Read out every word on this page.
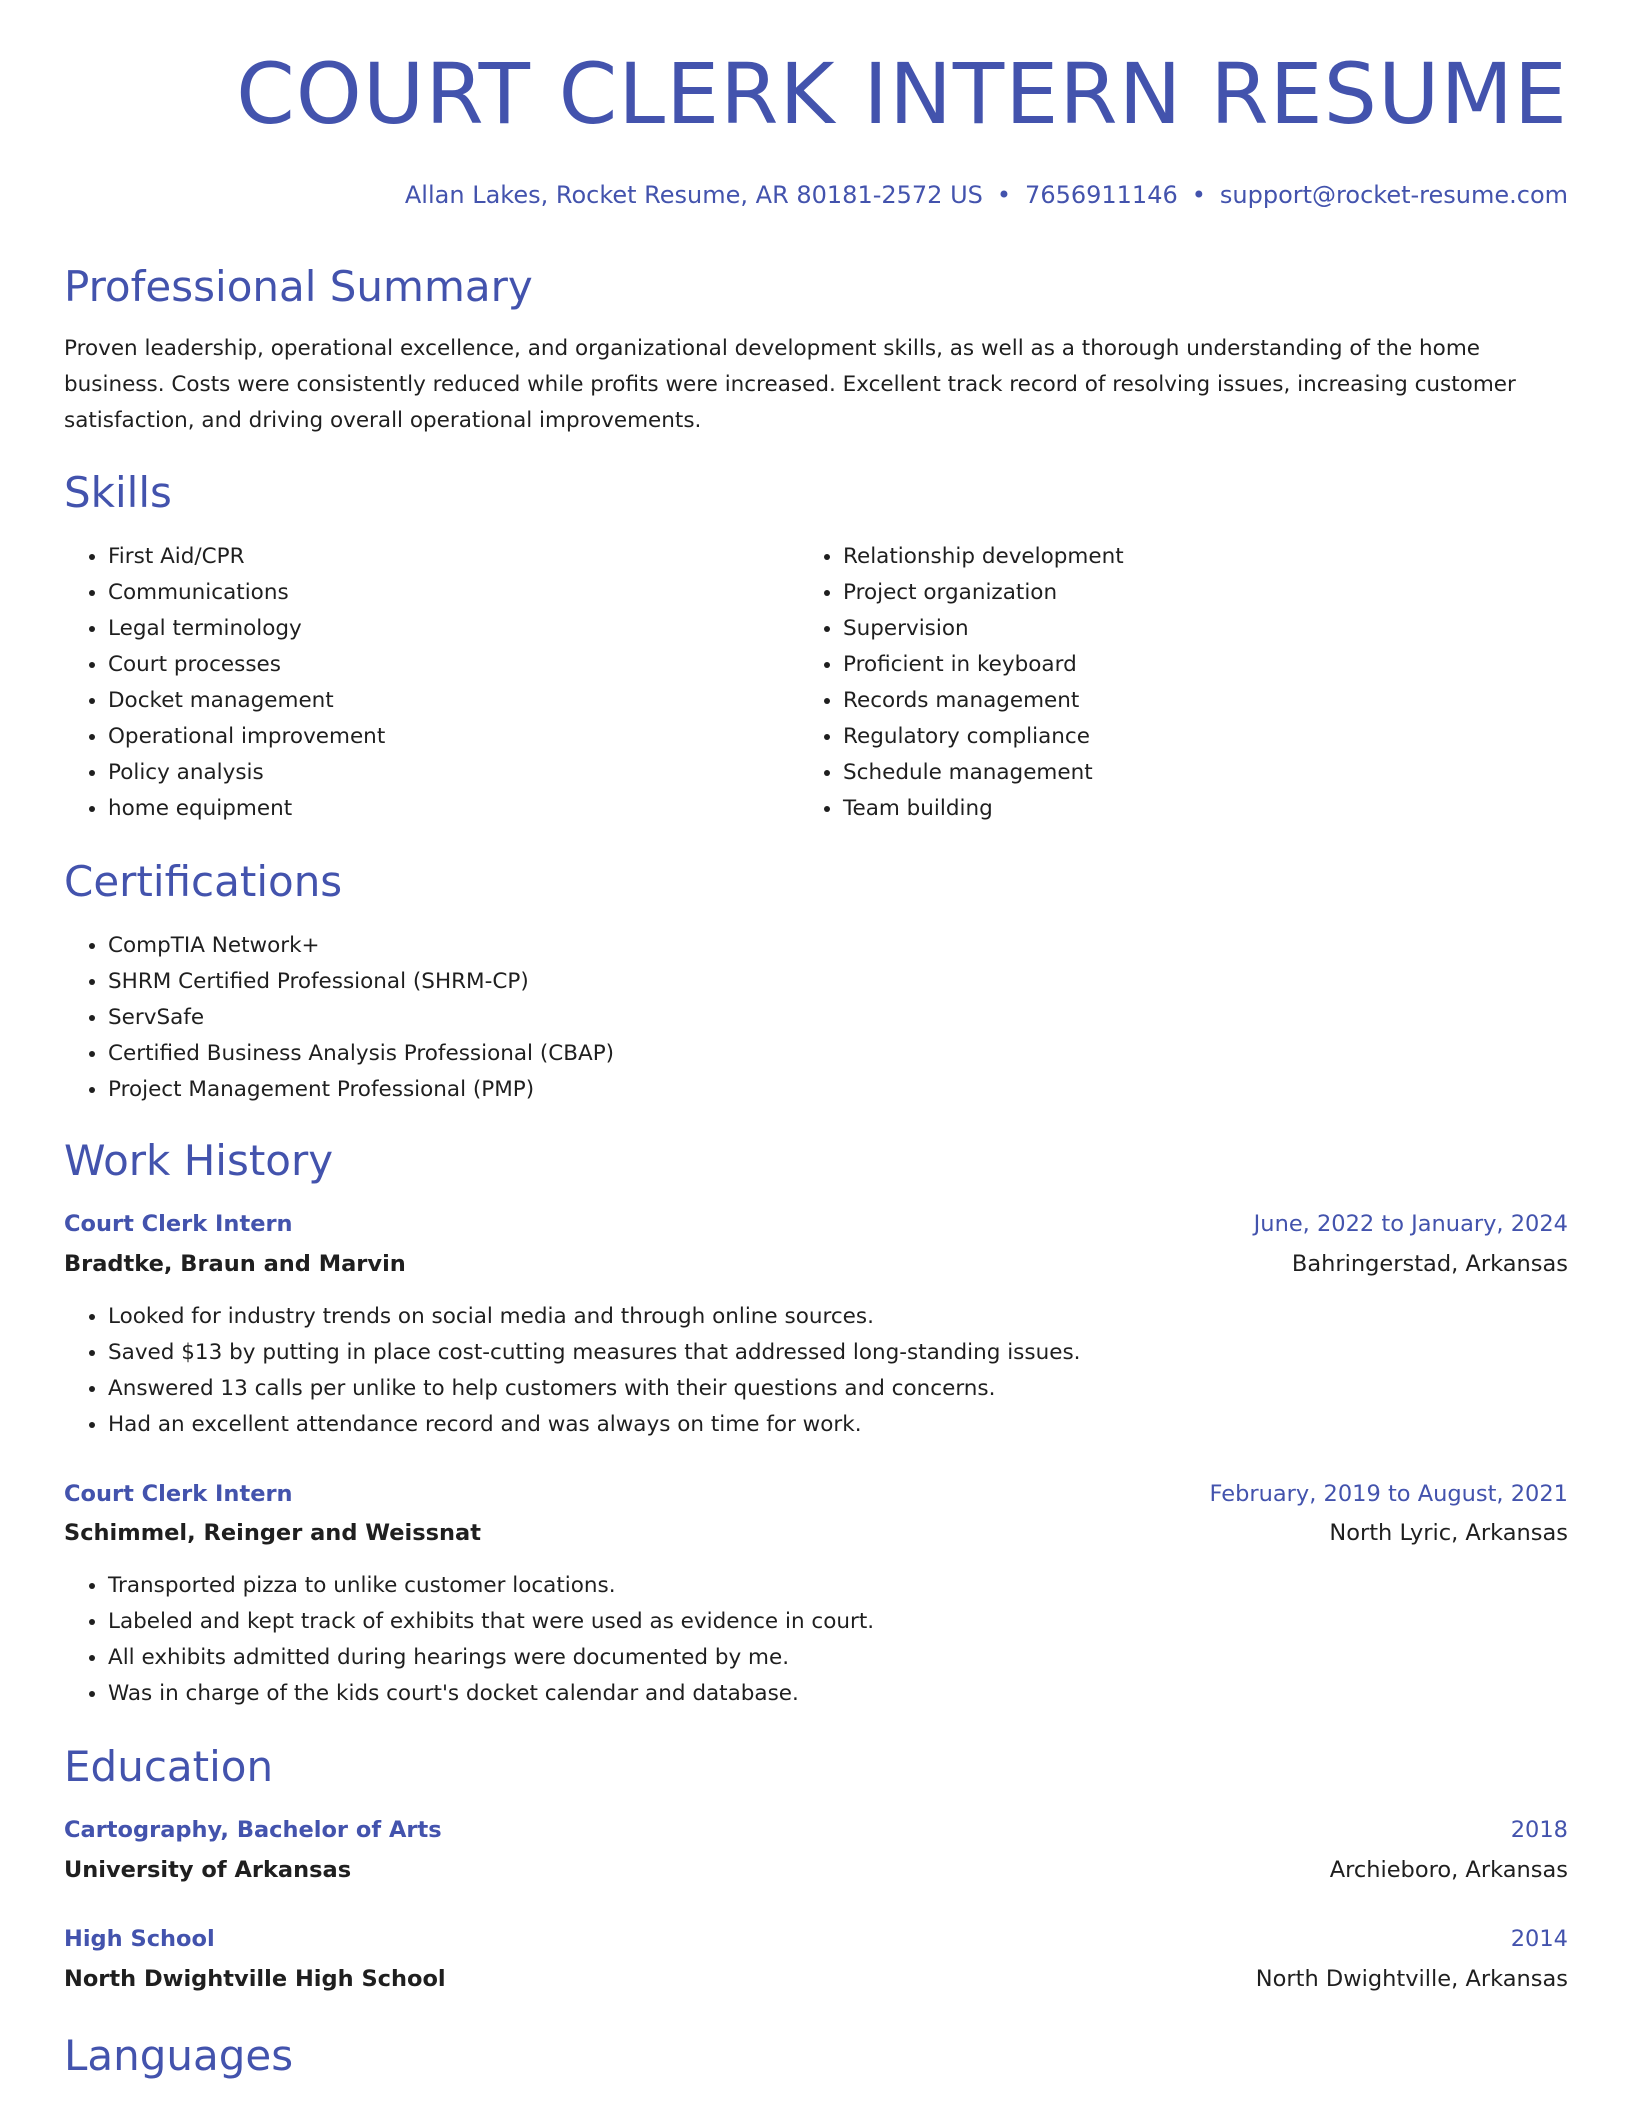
COURT CLERK INTERN RESUME
Allan Lakes, Rocket Resume, AR 80181-2572 US • 7656911146 • support@rocket-resume.com
Professional Summary

Proven leadership, operational excellence, and organizational development skills, as well as a thorough understanding of the home business. Costs were consistently reduced while profits were increased. Excellent track record of resolving issues, increasing customer satisfaction, and driving overall operational improvements.

Skills
• First Aid/CPR
• Communications
• Legal terminology
• Court processes
• Docket management
• Operational improvement
• Policy analysis
• home equipment
• Relationship development
• Project organization
• Supervision
• Proficient in keyboard
• Records management
• Regulatory compliance
• Schedule management
• Team building
Certifications
• CompTIA Network+
• SHRM Certified Professional (SHRM-CP)
• ServSafe
• Certified Business Analysis Professional (CBAP)
• Project Management Professional (PMP)
Work History
Court Clerk Intern	June, 2022 to January, 2024
Bradtke, Braun and Marvin	Bahringerstad, Arkansas
• Looked for industry trends on social media and through online sources.
• Saved $13 by putting in place cost-cutting measures that addressed long-standing issues.
• Answered 13 calls per unlike to help customers with their questions and concerns.
• Had an excellent attendance record and was always on time for work.
Court Clerk Intern	February, 2019 to August, 2021
Schimmel, Reinger and Weissnat	North Lyric, Arkansas
• Transported pizza to unlike customer locations.
• Labeled and kept track of exhibits that were used as evidence in court.
• All exhibits admitted during hearings were documented by me.
• Was in charge of the kids court's docket calendar and database.
Education
Cartography, Bachelor of Arts	2018
University of Arkansas	Archieboro, Arkansas
High School	2014
North Dwightville High School	North Dwightville, Arkansas
Languages
